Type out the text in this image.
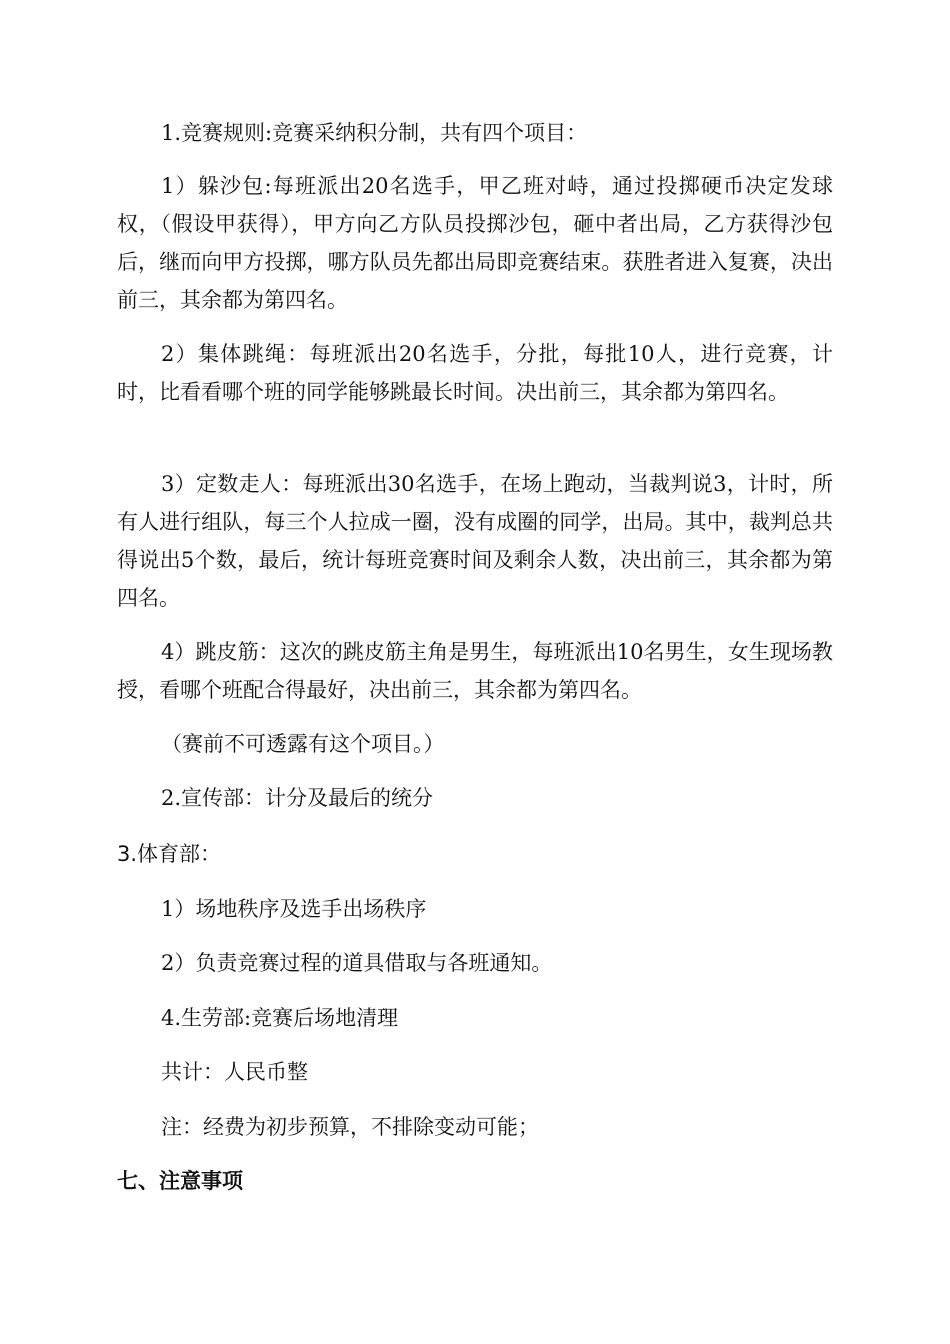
1.竞赛规则:竞赛采纳积分制，共有四个项目：

1）躲沙包:每班派出20名选手，甲乙班对峙，通过投掷硬币决定发球权，（假设甲获得），甲方向乙方队员投掷沙包，砸中者出局，乙方获得沙包后，继而向甲方投掷，哪方队员先都出局即竞赛结束。获胜者进入复赛，决出前三，其余都为第四名。

2）集体跳绳：每班派出20名选手，分批，每批10人，进行竞赛，计时，比看看哪个班的同学能够跳最长时间。决出前三，其余都为第四名。

3）定数走人：每班派出30名选手，在场上跑动，当裁判说3，计时，所有人进行组队，每三个人拉成一圈，没有成圈的同学，出局。其中，裁判总共得说出5个数，最后，统计每班竞赛时间及剩余人数，决出前三，其余都为第四名。

4）跳皮筋：这次的跳皮筋主角是男生，每班派出10名男生，女生现场教授，看哪个班配合得最好，决出前三，其余都为第四名。

（赛前不可透露有这个项目。）

2.宣传部：计分及最后的统分

3.体育部：

1）场地秩序及选手出场秩序

2）负责竞赛过程的道具借取与各班通知。

4.生劳部:竞赛后场地清理

共计：人民币整

注：经费为初步预算，不排除变动可能；

七、注意事项
